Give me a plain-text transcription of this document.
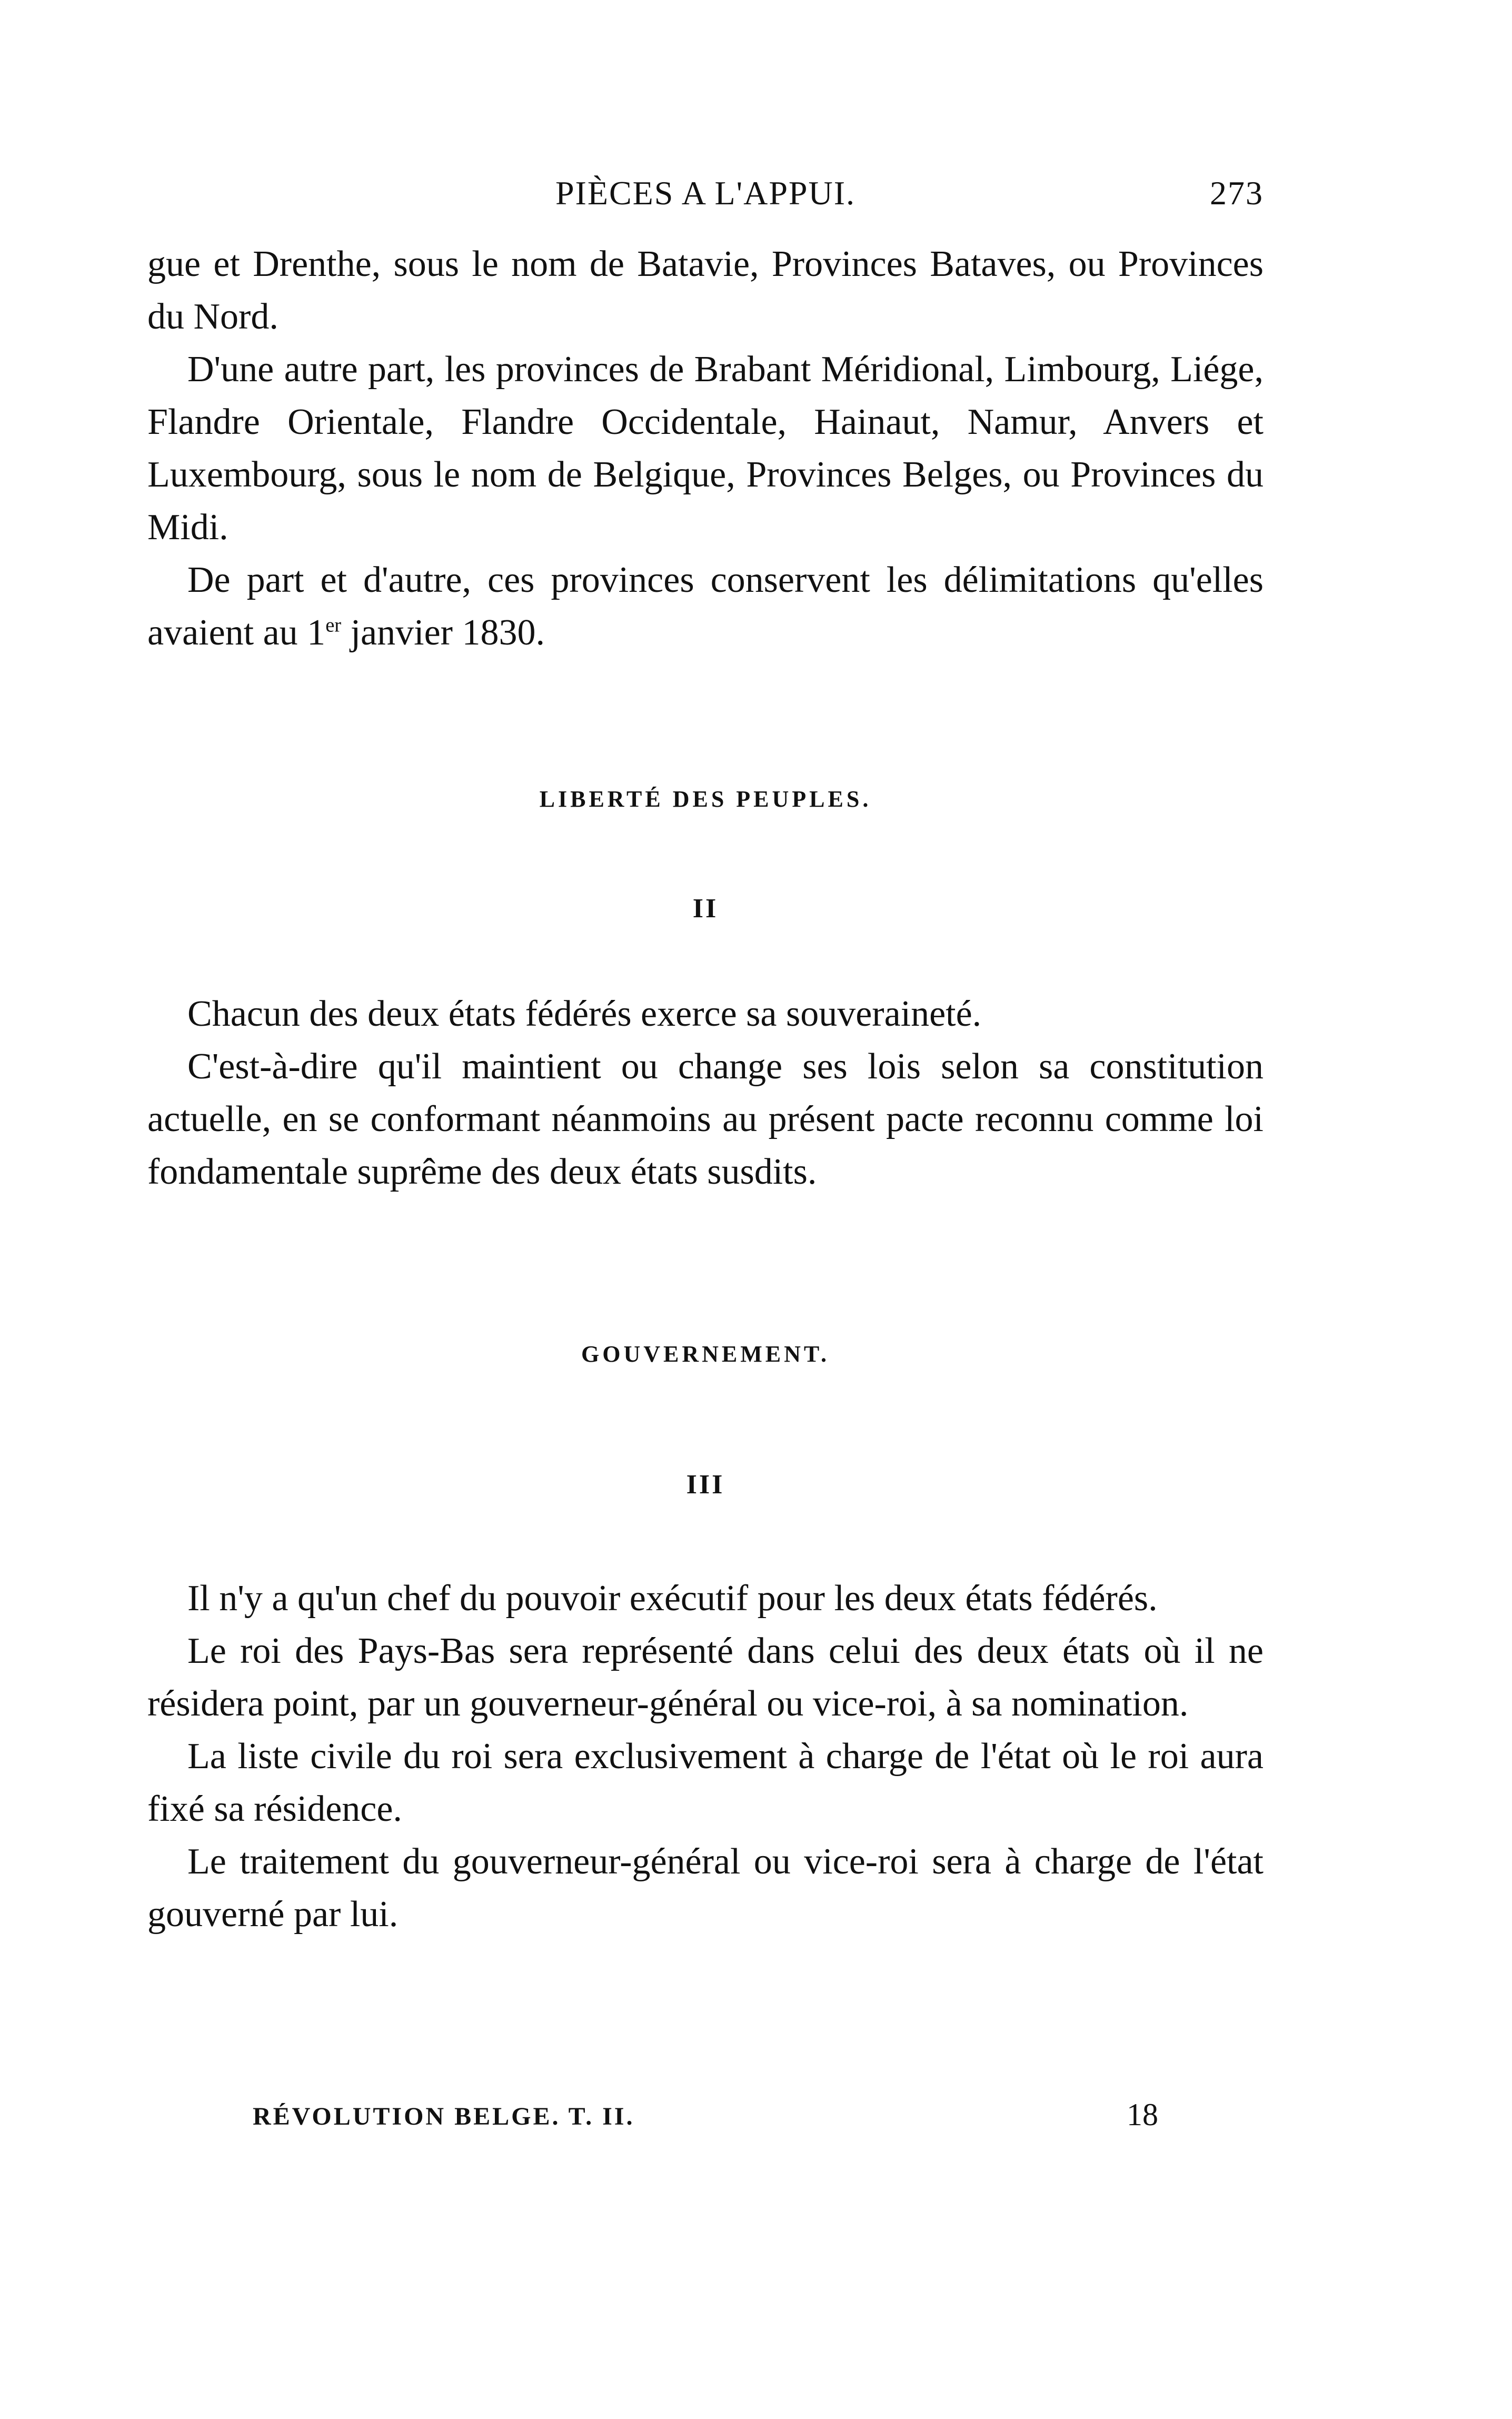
PIÈCES A L'APPUI.	273

gue et Drenthe, sous le nom de Batavie, Provinces Bataves, ou Provinces du Nord.

D'une autre part, les provinces de Brabant Méridional, Limbourg, Liége, Flandre Orientale, Flandre Occidentale, Hainaut, Namur, Anvers et Luxembourg, sous le nom de Belgique, Provinces Belges, ou Provinces du Midi.

De part et d'autre, ces provinces conservent les délimitations qu'elles avaient au 1er janvier 1830.

LIBERTÉ DES PEUPLES.
II

Chacun des deux états fédérés exerce sa souveraineté.

C'est-à-dire qu'il maintient ou change ses lois selon sa constitution actuelle, en se conformant néanmoins au présent pacte reconnu comme loi fondamentale suprême des deux états susdits.

GOUVERNEMENT.
III

Il n'y a qu'un chef du pouvoir exécutif pour les deux états fédérés.

Le roi des Pays-Bas sera représenté dans celui des deux états où il ne résidera point, par un gouverneur-général ou vice-roi, à sa nomination.

La liste civile du roi sera exclusivement à charge de l'état où le roi aura fixé sa résidence.

Le traitement du gouverneur-général ou vice-roi sera à charge de l'état gouverné par lui.

RÉVOLUTION BELGE. T. II.	18
